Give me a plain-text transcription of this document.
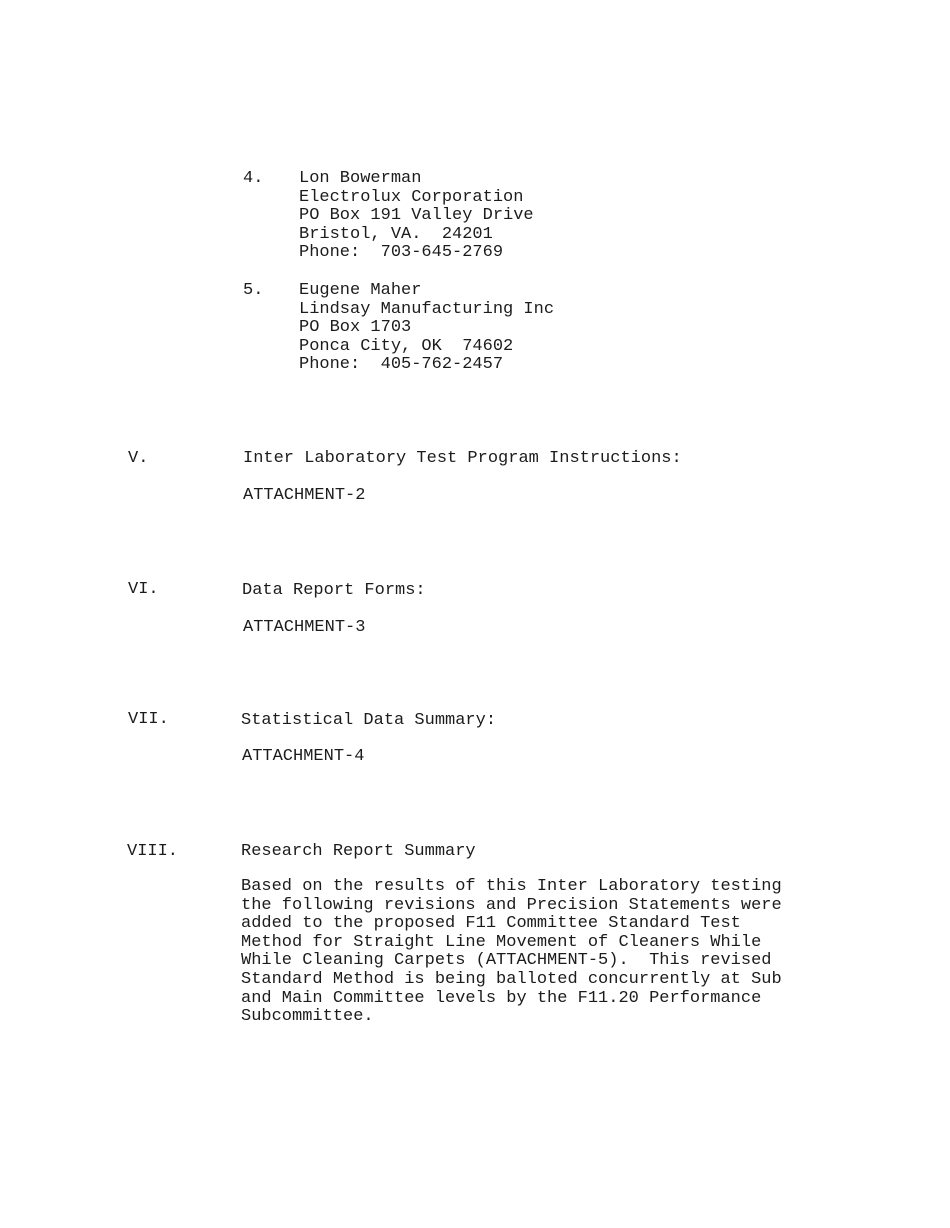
4. Lon Bowerman
Electrolux Corporation
PO Box 191 Valley Drive
Bristol, VA.  24201
Phone:  703-645-2769
5. Eugene Maher
Lindsay Manufacturing Inc
PO Box 1703
Ponca City, OK  74602
Phone:  405-762-2457
V.	Inter Laboratory Test Program Instructions:
ATTACHMENT-2
VI.	Data Report Forms:
ATTACHMENT-3
VII.	Statistical Data Summary:
ATTACHMENT-4
VIII.	Research Report Summary
Based on the results of this Inter Laboratory testing
the following revisions and Precision Statements were
added to the proposed F11 Committee Standard Test
Method for Straight Line Movement of Cleaners While
While Cleaning Carpets (ATTACHMENT-5).  This revised
Standard Method is being balloted concurrently at Sub
and Main Committee levels by the F11.20 Performance
Subcommittee.
